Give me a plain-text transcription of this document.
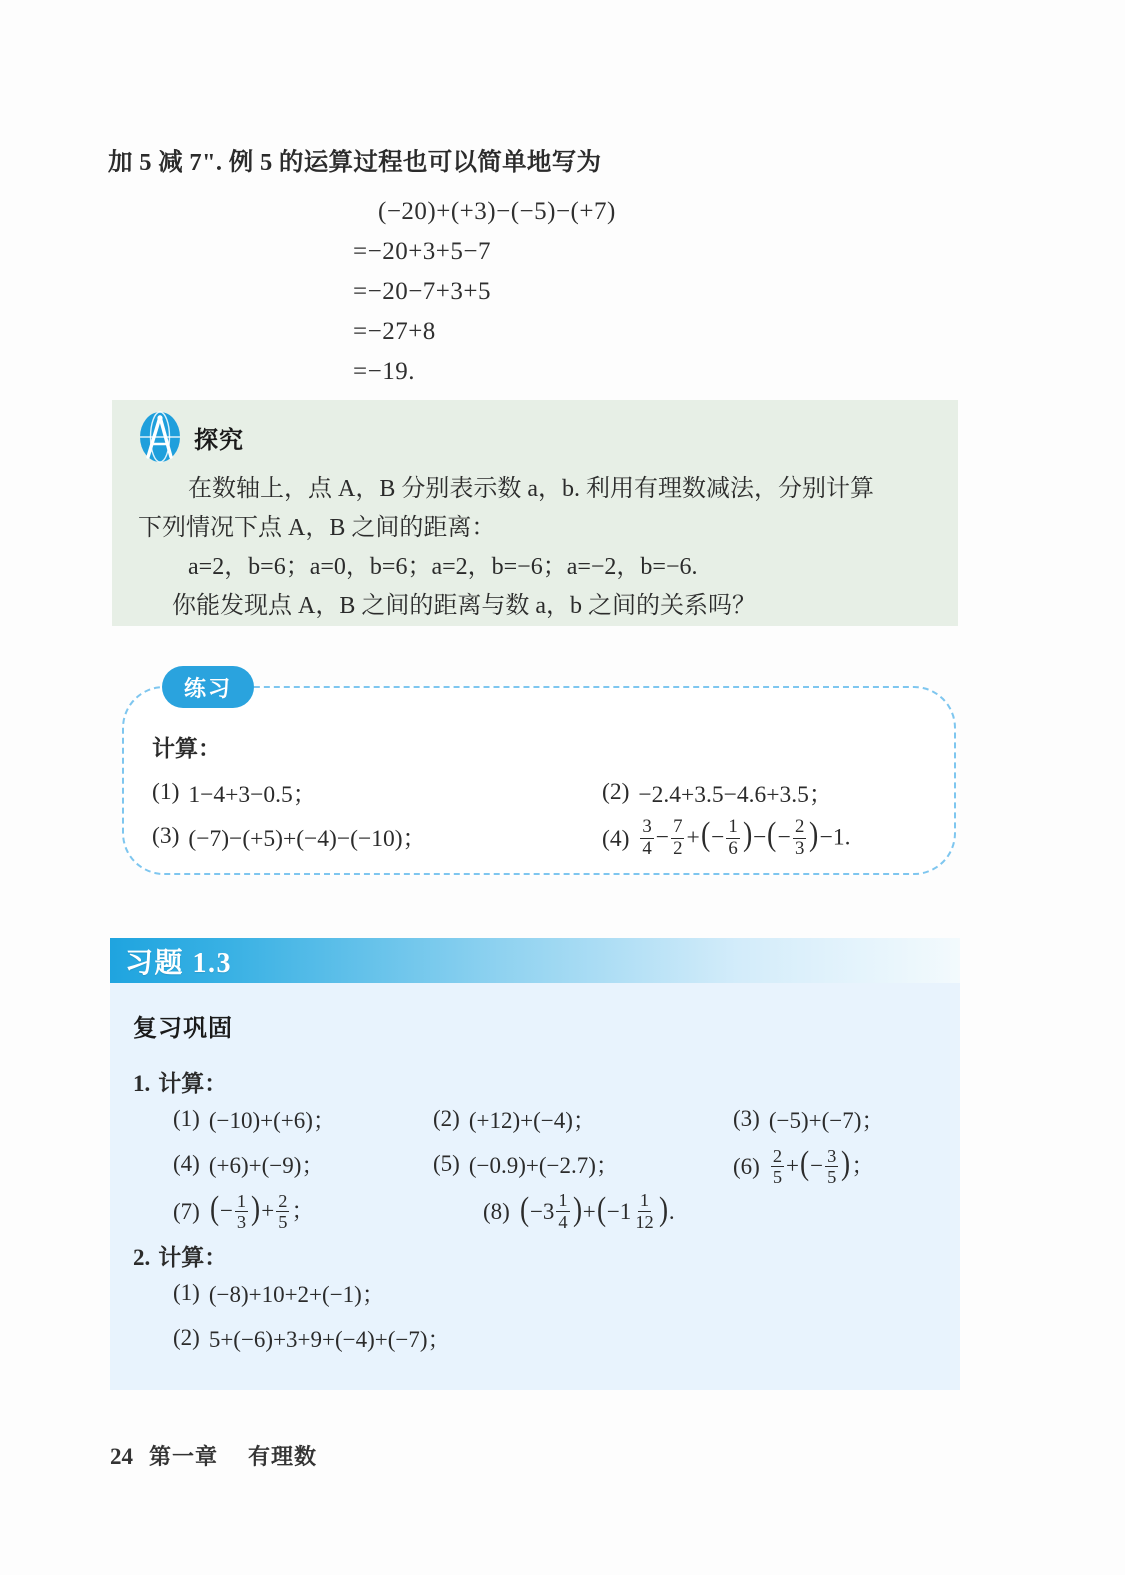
加 5 减 7". 例 5 的运算过程也可以简单地写为
(−20)+(+3)−(−5)−(+7)
=−20+3+5−7
=−20−7+3+5
=−27+8
=−19.
探究
在数轴上，点 A，B 分别表示数 a，b. 利用有理数减法，分别计算
下列情况下点 A，B 之间的距离：
a=2，b=6；a=0，b=6；a=2，b=−6；a=−2，b=−6.
你能发现点 A，B 之间的距离与数 a，b 之间的关系吗？
练习
计算：
(1) 1−4+3−0.5；	(2) −2.4+3.5−4.6+3.5；
(3) (−7)−(+5)+(−4)−(−10)；	$(4) \frac{3}{4} - \frac{7}{2}$ +(− $\frac{1}{6}$ )−(− $\frac{2}{3} )-1$.
习题 1.3
复习巩固
1. 计算：
(1) (−10)+(+6)；	(2) (+12)+(−4)；	(3) (−5)+(−7)；
(4) (+6)+(−9)；	(5) (−0.9)+(−2.7)；	$(6) \frac{2}{5}$ +(− $\frac{3}{5}$ )；
(7) (− $\frac{1}{3}$ )+ $\frac{2}{5}$ ；	(8) $(-3 \frac{1}{4} )+(-1 \frac{1}{12}$ ).
2. 计算：
(1) (−8)+10+2+(−1)；
(2) 5+(−6)+3+9+(−4)+(−7)；
24 第一章 有理数
